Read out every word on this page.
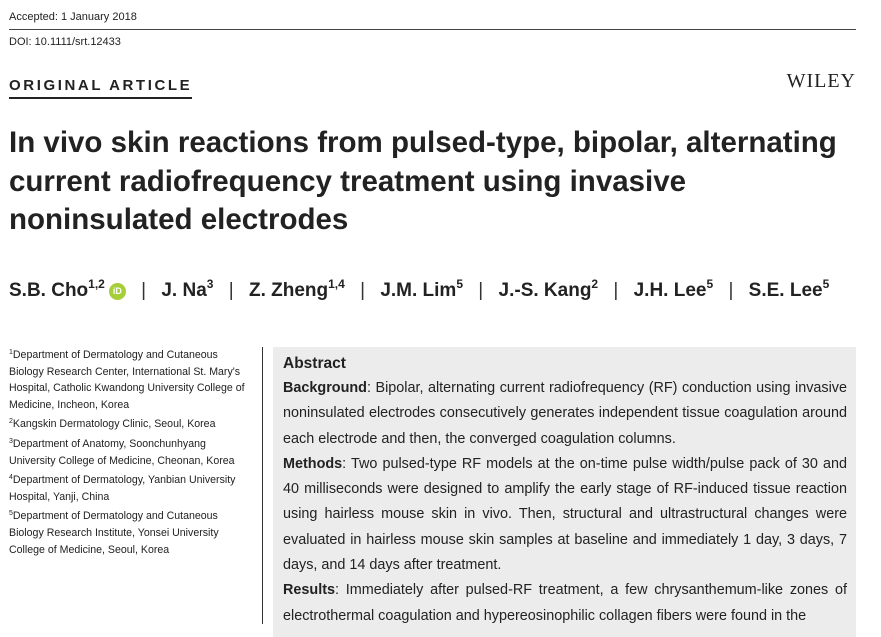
Accepted: 1 January 2018
DOI: 10.1111/srt.12433
ORIGINAL ARTICLE	WILEY
In vivo skin reactions from pulsed-type, bipolar, alternating current radiofrequency treatment using invasive noninsulated electrodes
S.B. Cho$^{1,2}$ iD | J. Na$^3$ | Z. Zheng$^{1,4}$ | J.M. Lim$^5$ | J.-S. Kang$^2$ | J.H. Lee$^5$ | S.E. Lee$^5$
$^1$Department of Dermatology and Cutaneous Biology Research Center, International St. Mary's Hospital, Catholic Kwandong University College of Medicine, Incheon, Korea
$^2$Kangskin Dermatology Clinic, Seoul, Korea
$^3$Department of Anatomy, Soonchunhyang University College of Medicine, Cheonan, Korea
$^4$Department of Dermatology, Yanbian University Hospital, Yanji, China
$^5$Department of Dermatology and Cutaneous Biology Research Institute, Yonsei University College of Medicine, Seoul, Korea
Abstract

Background: Bipolar, alternating current radiofrequency (RF) conduction using invasive noninsulated electrodes consecutively generates independent tissue coagulation around each electrode and then, the converged coagulation columns.

Methods: Two pulsed-type RF models at the on-time pulse width/pulse pack of 30 and 40 milliseconds were designed to amplify the early stage of RF-induced tissue reaction using hairless mouse skin in vivo. Then, structural and ultrastructural changes were evaluated in hairless mouse skin samples at baseline and immediately 1 day, 3 days, 7 days, and 14 days after treatment.

Results: Immediately after pulsed-RF treatment, a few chrysanthemum-like zones of electrothermal coagulation and hypereosinophilic collagen fibers were found in the
